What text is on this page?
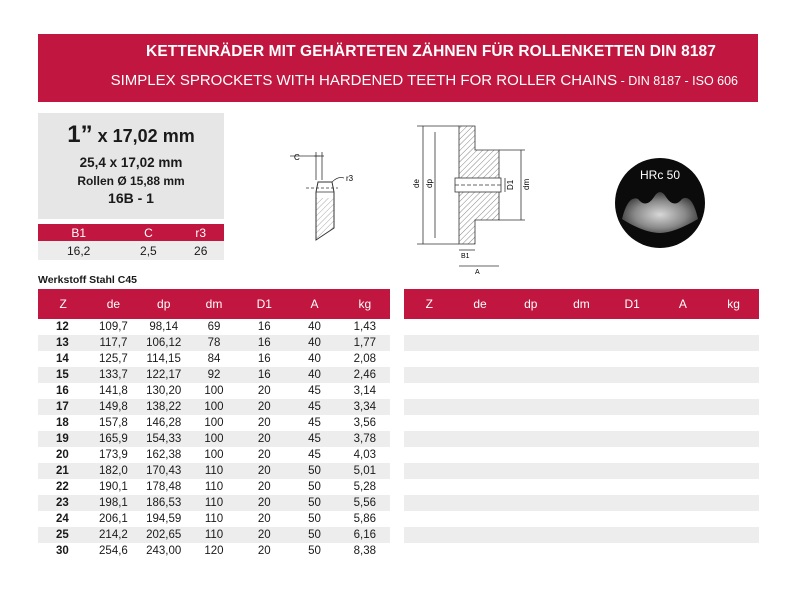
KETTENRÄDER MIT GEHÄRTETEN ZÄHNEN FÜR ROLLENKETTEN DIN 8187
SIMPLEX SPROCKETS WITH HARDENED TEETH FOR ROLLER CHAINS - DIN 8187 - ISO 606
1” x 17,02 mm
25,4 x 17,02 mm
Rollen Ø 15,88 mm
16B - 1
B1	C	r3
16,2	2,5	26
C
r3
de dp	D1 dm
B1
A
HRc 50
Werkstoff Stahl C45
Z	de	dp	dm	D1	A	kg
12	109,7	98,14	69	16	40	1,43
13	117,7	106,12	78	16	40	1,77
14	125,7	114,15	84	16	40	2,08
15	133,7	122,17	92	16	40	2,46
16	141,8	130,20	100	20	45	3,14
17	149,8	138,22	100	20	45	3,34
18	157,8	146,28	100	20	45	3,56
19	165,9	154,33	100	20	45	3,78
20	173,9	162,38	100	20	45	4,03
21	182,0	170,43	110	20	50	5,01
22	190,1	178,48	110	20	50	5,28
23	198,1	186,53	110	20	50	5,56
24	206,1	194,59	110	20	50	5,86
25	214,2	202,65	110	20	50	6,16
30	254,6	243,00	120	20	50	8,38
Z	de	dp	dm	D1	A	kg
